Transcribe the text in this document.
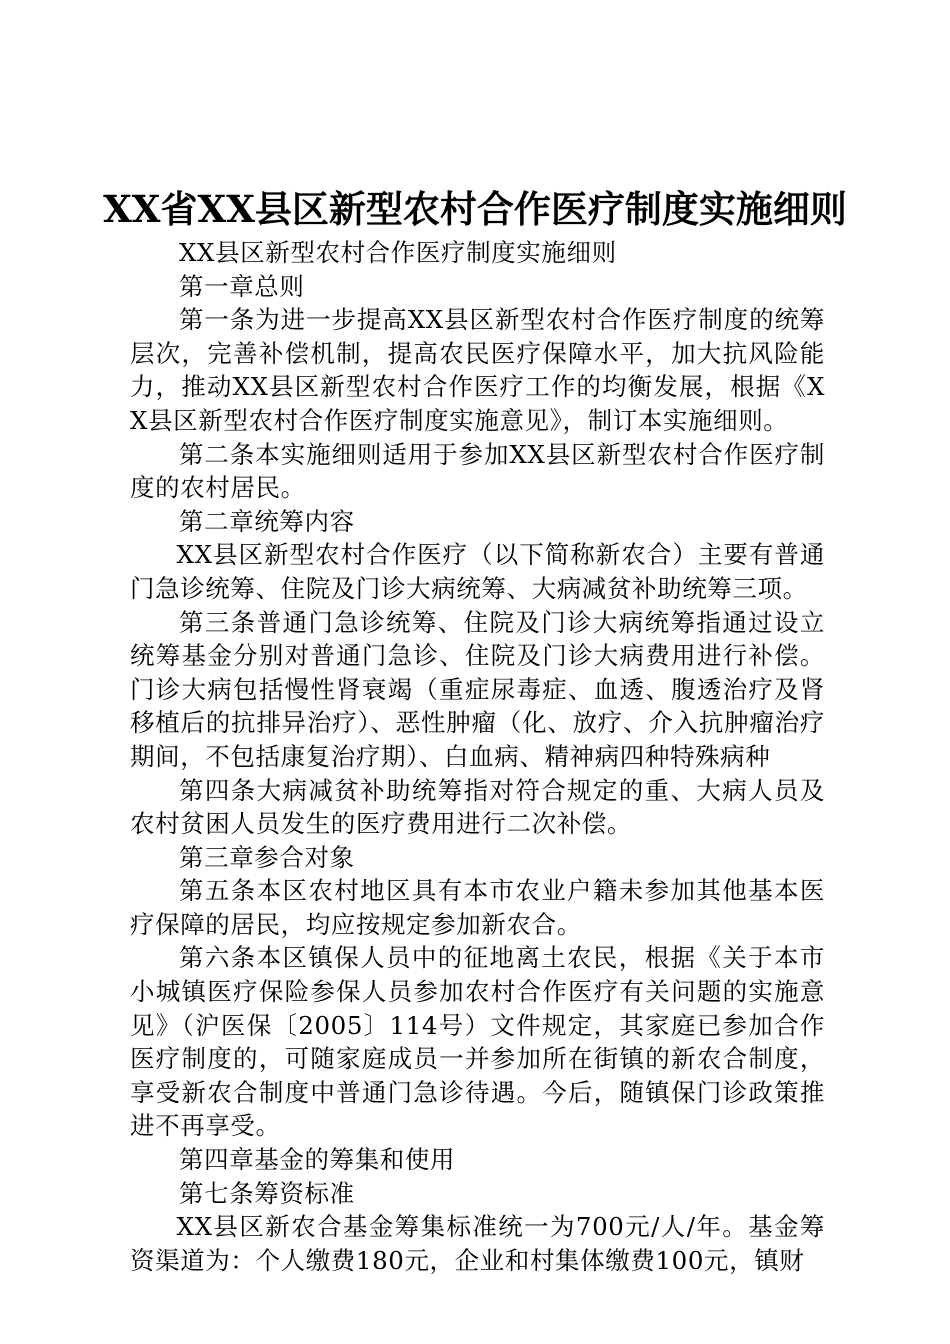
XX省XX县区新型农村合作医疗制度实施细则

XX县区新型农村合作医疗制度实施细则

第一章总则

第一条为进一步提高XX县区新型农村合作医疗制度的统筹层次，完善补偿机制，提高农民医疗保障水平，加大抗风险能力，推动XX县区新型农村合作医疗工作的均衡发展，根据《XX县区新型农村合作医疗制度实施意见》，制订本实施细则。

第二条本实施细则适用于参加XX县区新型农村合作医疗制度的农村居民。

第二章统筹内容

XX县区新型农村合作医疗（以下简称新农合）主要有普通门急诊统筹、住院及门诊大病统筹、大病减贫补助统筹三项。

第三条普通门急诊统筹、住院及门诊大病统筹指通过设立统筹基金分别对普通门急诊、住院及门诊大病费用进行补偿。门诊大病包括慢性肾衰竭（重症尿毒症、血透、腹透治疗及肾移植后的抗排异治疗）、恶性肿瘤（化、放疗、介入抗肿瘤治疗期间，不包括康复治疗期）、白血病、精神病四种特殊病种

第四条大病减贫补助统筹指对符合规定的重、大病人员及农村贫困人员发生的医疗费用进行二次补偿。

第三章参合对象

第五条本区农村地区具有本市农业户籍未参加其他基本医疗保障的居民，均应按规定参加新农合。

第六条本区镇保人员中的征地离土农民，根据《关于本市小城镇医疗保险参保人员参加农村合作医疗有关问题的实施意见》（沪医保〔2005〕114号）文件规定，其家庭已参加合作医疗制度的，可随家庭成员一并参加所在街镇的新农合制度，享受新农合制度中普通门急诊待遇。今后，随镇保门诊政策推进不再享受。

第四章基金的筹集和使用

第七条筹资标准

XX县区新农合基金筹集标准统一为700元/人/年。基金筹资渠道为：个人缴费180元，企业和村集体缴费100元，镇财
